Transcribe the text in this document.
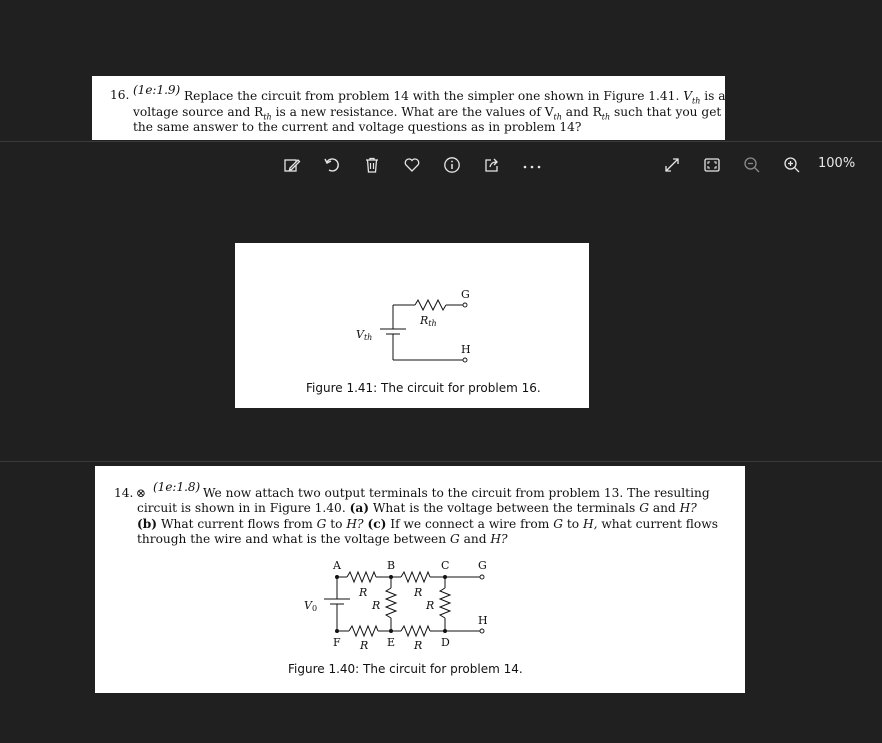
16. (1e:1.9) Replace the circuit from problem 14 with the simpler one shown in Figure 1.41. $V_{th}$ is a
voltage source and $R_{th}$ is a new resistance. What are the values of $V_{th}$ and $R_{th}$ such that you get
the same answer to the current and voltage questions as in problem 14?
100%
G
H
Rth
Vth
Figure 1.41: The circuit for problem 16.
14. ⊗ (1e:1.8) We now attach two output terminals to the circuit from problem 13. The resulting
circuit is shown in in Figure 1.40. (a) What is the voltage between the terminals G and H?
(b) What current flows from G to H? (c) If we connect a wire from G to H, what current flows
through the wire and what is the voltage between G and H?
A	B	C	G
H
F	E	D
R	R
R	R
R	R
V0
Figure 1.40: The circuit for problem 14.
